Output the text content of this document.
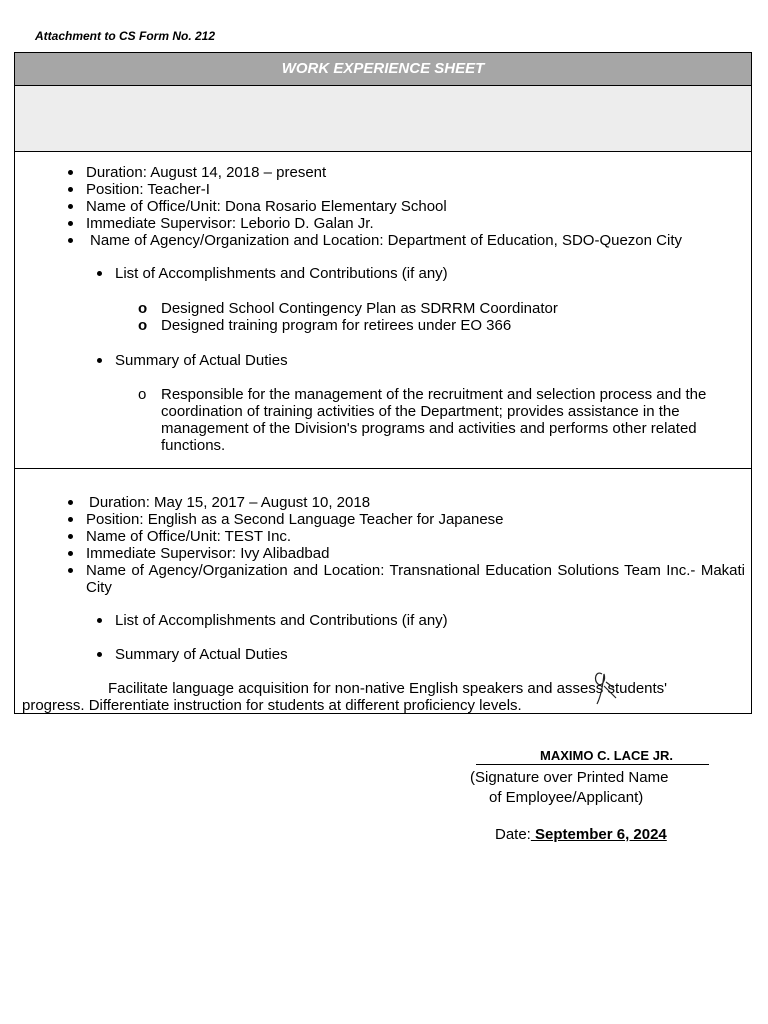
Attachment to CS Form No. 212
WORK EXPERIENCE SHEET
Duration: August 14, 2018 – present
Position: Teacher-I
Name of Office/Unit: Dona Rosario Elementary School
Immediate Supervisor: Leborio D. Galan Jr.
Name of Agency/Organization and Location: Department of Education, SDO-Quezon City
List of Accomplishments and Contributions (if any)
o Designed School Contingency Plan as SDRRM Coordinator
o Designed training program for retirees under EO 366
Summary of Actual Duties
o Responsible for the management of the recruitment and selection process and the coordination of training activities of the Department; provides assistance in the management of the Division's programs and activities and performs other related functions.
Duration: May 15, 2017 – August 10, 2018
Position: English as a Second Language Teacher for Japanese
Name of Office/Unit: TEST Inc.
Immediate Supervisor: Ivy Alibadbad
Name of Agency/Organization and Location: Transnational Education Solutions Team Inc.- Makati City
List of Accomplishments and Contributions (if any)
Summary of Actual Duties
Facilitate language acquisition for non-native English speakers and assess students'
progress. Differentiate instruction for students at different proficiency levels.
MAXIMO C. LACE JR.
(Signature over Printed Name
of Employee/Applicant)
Date: September 6, 2024
